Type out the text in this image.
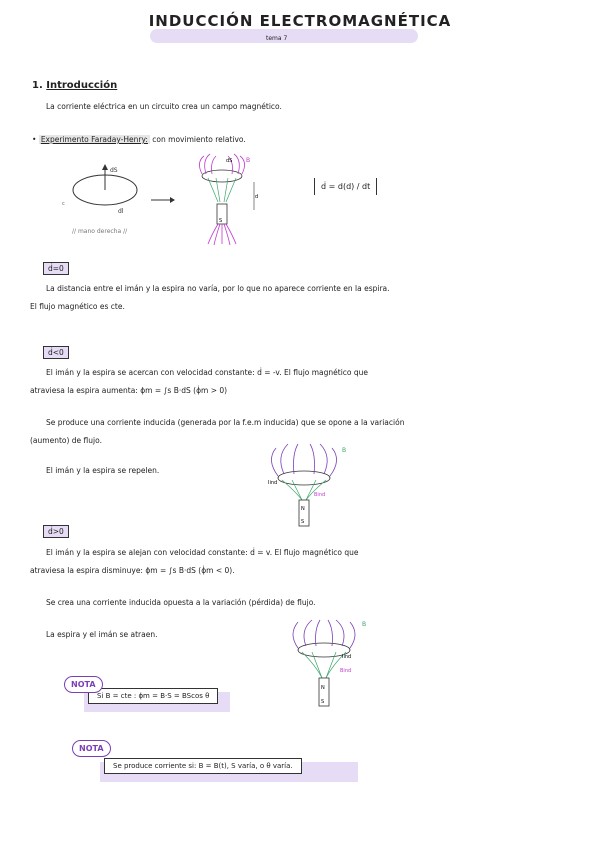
INDUCCIÓN ELECTROMAGNÉTICA
tema 7
1. Introducción
La corriente eléctrica en un circuito crea un campo magnético.
• Experimento Faraday-Henry: con movimiento relativo.
dS
dl
c
// mano derecha //
S
d
B
dS
ḋ = d(d) / dt
ḋ=0
La distancia entre el imán y la espira no varía, por lo que no aparece corriente en la espira.
El flujo magnético es cte.
ḋ<0
El imán y la espira se acercan con velocidad constante: ḋ = -v. El flujo magnético que
atraviesa la espira aumenta: ϕm = ∫s B·dS (ϕ̇m > 0)
Se produce una corriente inducida (generada por la f.e.m inducida) que se opone a la variación
(aumento) de flujo.
El imán y la espira se repelen.
N
S
B
Iind
Bind
ḋ>0
El imán y la espira se alejan con velocidad constante: ḋ = v. El flujo magnético que
atraviesa la espira disminuye: ϕm = ∫s B·dS (ϕ̇m < 0).
Se crea una corriente inducida opuesta a la variación (pérdida) de flujo.
La espira y el imán se atraen.
N
S
B
Iind
Bind
Si B = cte : ϕm = B·S = BScos θ
NOTA
Se produce corriente si: B = B(t), S varía, o θ varía.
NOTA
